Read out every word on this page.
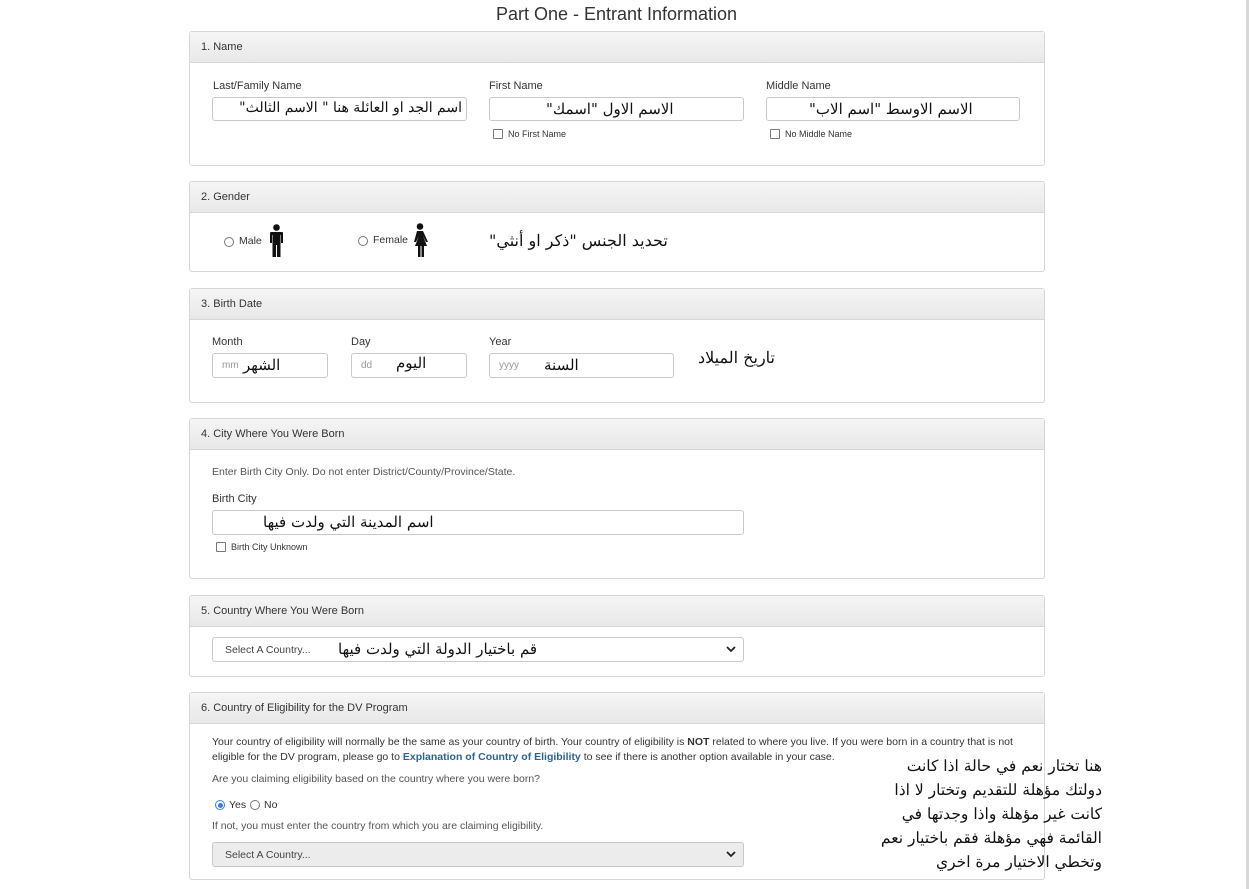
Part One - Entrant Information
1. Name
Last/Family Name
اسم الجد او العائلة هنا " الاسم الثالث"
First Name
الاسم الاول "اسمك"
No First Name
Middle Name
الاسم الاوسط "اسم الاب"
No Middle Name
2. Gender
Male	Female	تحديد الجنس "ذكر او أنثي"
3. Birth Date
Month
mm الشهر
Day
dd اليوم
Year
yyyy السنة	تاريخ الميلاد
4. City Where You Were Born
Enter Birth City Only. Do not enter District/County/Province/State.
Birth City
اسم المدينة التي ولدت فيها
Birth City Unknown
5. Country Where You Were Born
Select A Country... قم باختيار الدولة التي ولدت فيها
6. Country of Eligibility for the DV Program
Your country of eligibility will normally be the same as your country of birth. Your country of eligibility is NOT related to where you live. If you were born in a country that is not eligible for the DV program, please go to Explanation of Country of Eligibility to see if there is another option available in your case.
Are you claiming eligibility based on the country where you were born?
Yes No
If not, you must enter the country from which you are claiming eligibility.
Select A Country...
هنا تختار نعم في حالة اذا كانت دولتك مؤهلة للتقديم وتختار لا اذا كانت غير مؤهلة واذا وجدتها في القائمة فهي مؤهلة فقم باختيار نعم وتخطي الاختيار مرة اخري
